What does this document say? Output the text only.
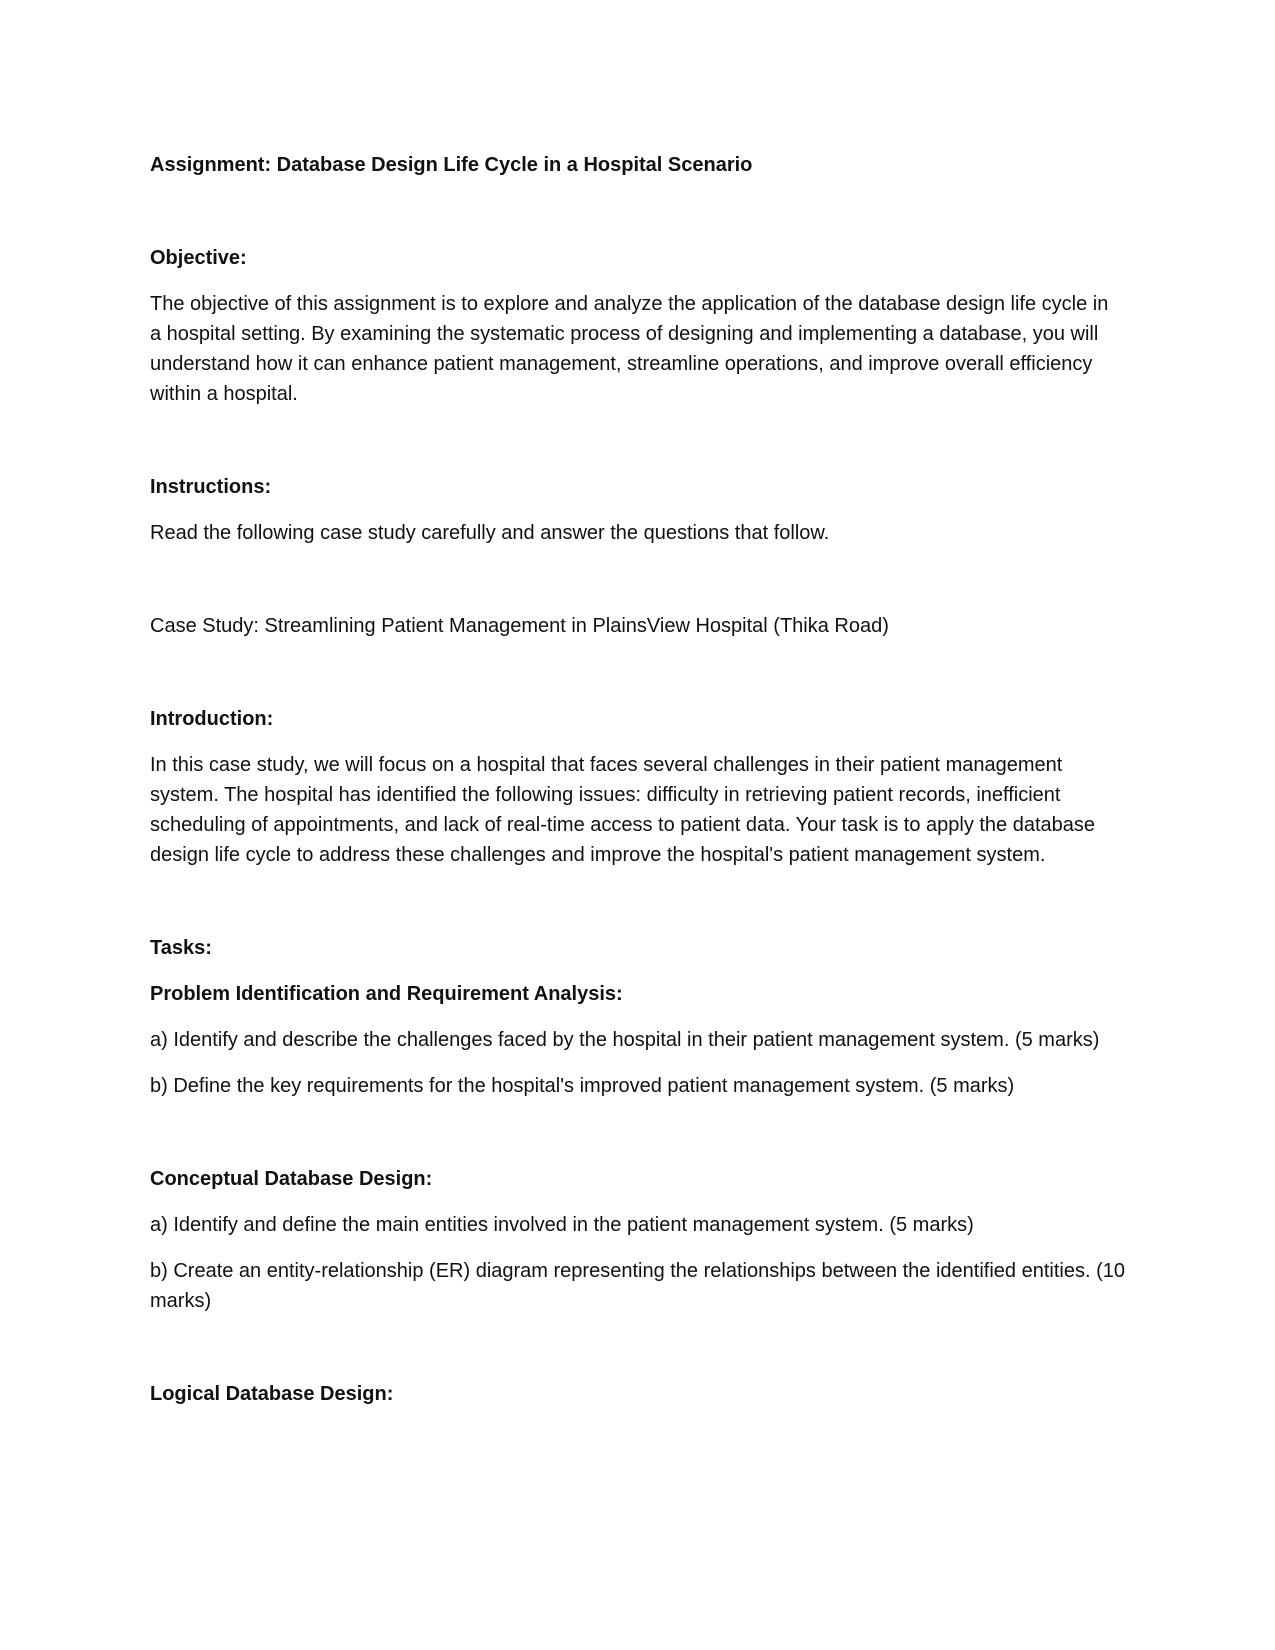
Assignment: Database Design Life Cycle in a Hospital Scenario

Objective:

The objective of this assignment is to explore and analyze the application of the database design life cycle in a hospital setting. By examining the systematic process of designing and implementing a database, you will understand how it can enhance patient management, streamline operations, and improve overall efficiency within a hospital.

Instructions:

Read the following case study carefully and answer the questions that follow.

Case Study: Streamlining Patient Management in PlainsView Hospital (Thika Road)

Introduction:

In this case study, we will focus on a hospital that faces several challenges in their patient management system. The hospital has identified the following issues: difficulty in retrieving patient records, inefficient scheduling of appointments, and lack of real-time access to patient data. Your task is to apply the database design life cycle to address these challenges and improve the hospital's patient management system.

Tasks:

Problem Identification and Requirement Analysis:

a) Identify and describe the challenges faced by the hospital in their patient management system. (5 marks)

b) Define the key requirements for the hospital's improved patient management system. (5 marks)

Conceptual Database Design:

a) Identify and define the main entities involved in the patient management system. (5 marks)

b) Create an entity-relationship (ER) diagram representing the relationships between the identified entities. (10 marks)

Logical Database Design:
